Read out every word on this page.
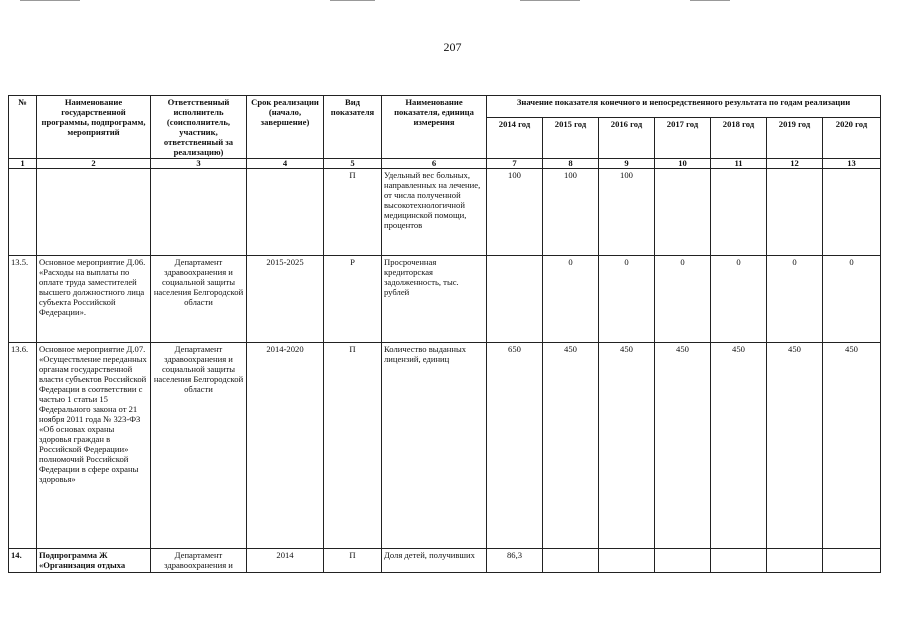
207
№	Наименование государственной программы, подпрограмм, мероприятий	Ответственный исполнитель (соисполнитель, участник, ответственный за реализацию)	Срок реализации (начало, завершение)	Вид показателя	Наименование показателя, единица измерения	Значение показателя конечного и непосредственного результата по годам реализации						
						2014 год	2015 год	2016 год	2017 год	2018 год	2019 год	2020 год
1	2	3	4	5	6	7	8	9	10	11	12	13
				П	Удельный вес больных, направленных на лечение, от числа полученной высокотехнологичной медицинской помощи, процентов	100	100	100				
13.5.	Основное мероприятие Д.06. «Расходы на выплаты по оплате труда заместителей высшего должностного лица субъекта Российской Федерации».	Департамент здравоохранения и социальной защиты населения Белгородской области	2015-2025	Р	Просроченная кредиторская задолженность, тыс. рублей		0	0	0	0	0	0
13.6.	Основное мероприятие Д.07. «Осуществление переданных органам государственной власти субъектов Российской Федерации в соответствии с частью 1 статьи 15 Федерального закона от 21 ноября 2011 года № 323-ФЗ «Об основах охраны здоровья граждан в Российской Федерации» полномочий Российской Федерации в сфере охраны здоровья»	Департамент здравоохранения и социальной защиты населения Белгородской области	2014-2020	П	Количество выданных лицензий, единиц	650	450	450	450	450	450	450
14.	Подпрограмма Ж «Организация отдыха	Департамент здравоохранения и	2014	П	Доля детей, получивших	86,3						
